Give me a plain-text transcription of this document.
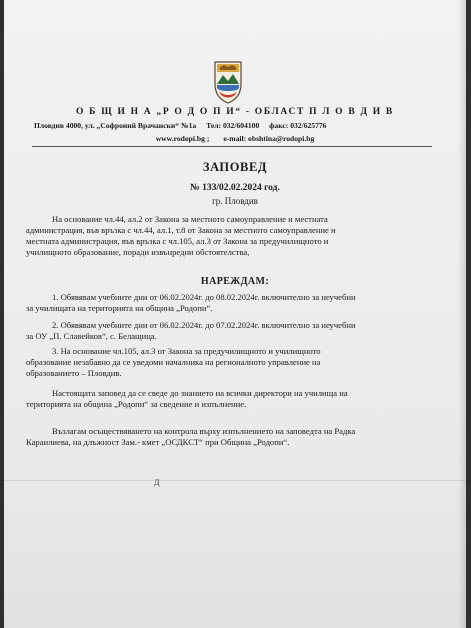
О Б Щ И Н А „Р О Д О П И“ - ОБЛАСТ П Л О В Д И В
Пловдив 4000, ул. „Софроний Врачански“ №1а Тел: 032/604100 факс: 032/625776
www.rodopi.bg ; e-mail: obshtina@rodopi.bg
ЗАПОВЕД
№ 133/02.02.2024 год.
гр. Пловдив
На основание чл.44, ал.2 от Закона за местното самоуправление и местната
администрация, във връзка с чл.44, ал.1, т.8 от Закона за местното самоуправление и
местната администрация, във връзка с чл.105, ал.3 от Закона за предучилищното и
училищното образование, поради извънредни обстоятелства,
НАРЕЖДАМ:
1. Обявявам учебните дни от 06.02.2024г. до 08.02.2024г. включително за неучебни
за училищата на територията на община „Родопи“.
2. Обявявам учебните дни от 06.02.2024г. до 07.02.2024г. включително за неучебни
за ОУ „П. Славейков“, с. Белащица.
3. На основание чл.105, ал.3 от Закона за предучилищното и училищното
образование незабавно да се уведоми началника на регионалното управление на
образованието – Пловдив.
Настоящата заповед да се сведе до знанието на всички директори на училища на
територията на община „Родопи“ за сведение и изпълнение.
Възлагам осъществяването на контрола върху изпълнението на заповедта на Радка
Караилиева, на длъжност Зам.- кмет „ОСДКСТ“ при Община „Родопи“.
Д
